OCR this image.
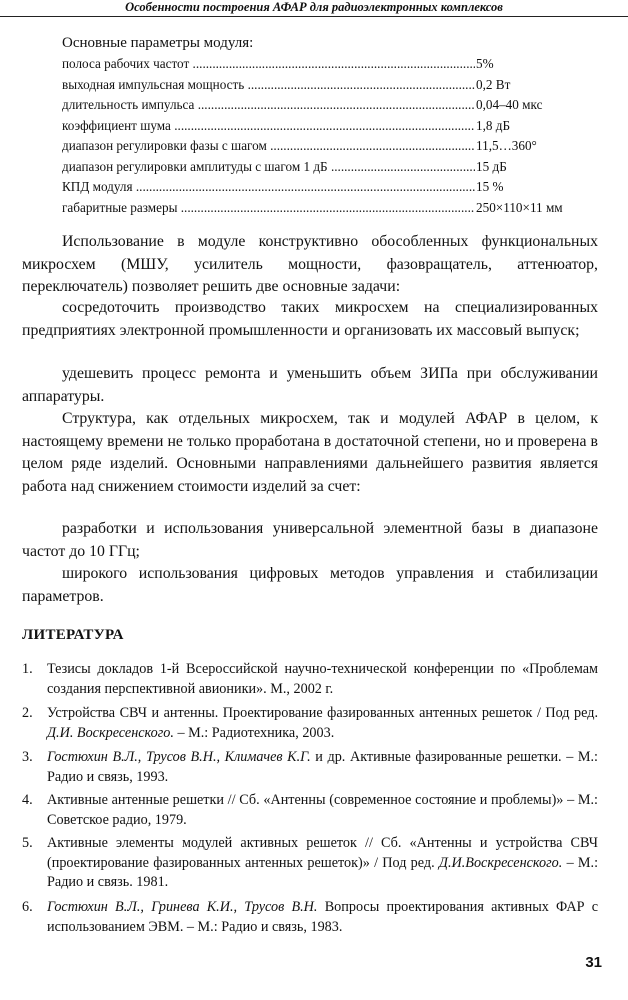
Особенности построения АФАР для радиоэлектронных комплексов
Основные параметры модуля:
полоса рабочих частот .....	5%
выходная импульсная мощность .....	0,2 Вт
длительность импульса .....	0,04–40 мкс
коэффициент шума .....	1,8 дБ
диапазон регулировки фазы с шагом .....	11,5…360°
диапазон регулировки амплитуды с шагом 1 дБ .....	15 дБ
КПД модуля .....	15 %
габаритные размеры .....	250×110×11 мм

Использование в модуле конструктивно обособленных функциональных микросхем (МШУ, усилитель мощности, фазовращатель, аттенюатор, переключатель) позволяет решить две основные задачи:

сосредоточить производство таких микросхем на специализированных предприятиях электронной промышленности и организовать их массовый выпуск;

удешевить процесс ремонта и уменьшить объем ЗИПа при обслуживании аппаратуры.

Структура, как отдельных микросхем, так и модулей АФАР в целом, к настоящему времени не только проработана в достаточной степени, но и проверена в целом ряде изделий. Основными направлениями дальнейшего развития является работа над снижением стоимости изделий за счет:

разработки и использования универсальной элементной базы в диапазоне частот до 10 ГГц;

широкого использования цифровых методов управления и стабилизации параметров.

ЛИТЕРАТУРА
1.	Тезисы докладов 1-й Всероссийской научно-технической конференции по «Проблемам создания перспективной авионики». М., 2002 г.
2.	Устройства СВЧ и антенны. Проектирование фазированных антенных решеток / Под ред. Д.И. Воскресенского. – М.: Радиотехника, 2003.
3.	Гостюхин В.Л., Трусов В.Н., Климачев К.Г. и др. Активные фазированные решетки. – М.: Радио и связь, 1993.
4.	Активные антенные решетки // Сб. «Антенны (современное состояние и проблемы)» – М.: Советское радио, 1979.
5.	Активные элементы модулей активных решеток // Сб. «Антенны и устройства СВЧ (проектирование фазированных антенных решеток)» / Под ред. Д.И.Воскресенского. – М.: Радио и связь. 1981.
6.	Гостюхин В.Л., Гринева К.И., Трусов В.Н. Вопросы проектирования активных ФАР с использованием ЭВМ. – М.: Радио и связь, 1983.
31
